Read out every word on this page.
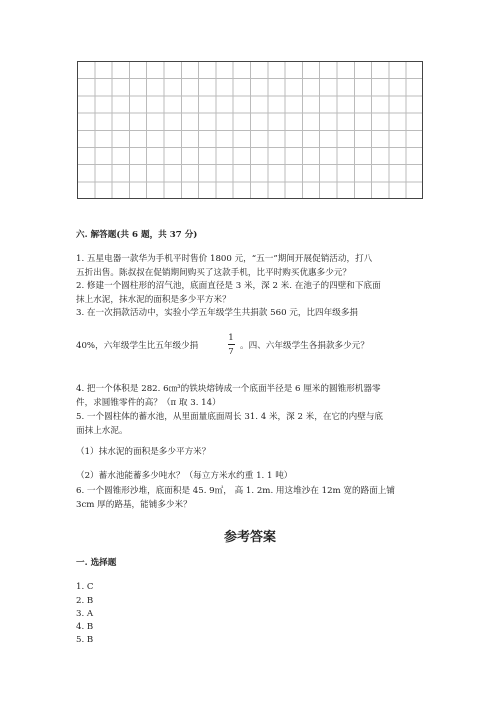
六. 解答题(共 6 题，共 37 分)
1. 五星电器一款华为手机平时售价 1800 元，“五一”期间开展促销活动，打八
五折出售。陈叔叔在促销期间购买了这款手机，比平时购买优惠多少元？
2. 修建一个圆柱形的沼气池，底面直径是 3 米，深 2 米. 在池子的四壁和下底面
抹上水泥，抹水泥的面积是多少平方米？
3. 在一次捐款活动中，实验小学五年级学生共捐款 560 元，比四年级多捐
40%，六年级学生比五年级少捐
1
7
。四、六年级学生各捐款多少元？
4. 把一个体积是 282. 6㎝³的铁块熔铸成一个底面半径是 6 厘米的圆锥形机器零
件，求圆锥零件的高？（π 取 3. 14）
5. 一个圆柱体的蓄水池，从里面量底面周长 31. 4 米，深 2 米，在它的内壁与底
面抹上水泥。
（1）抹水泥的面积是多少平方米？
（2）蓄水池能蓄多少吨水？（每立方米水约重 1. 1 吨）
6. 一个圆锥形沙堆，底面积是 45. 9㎡， 高 1. 2m. 用这堆沙在 12m 宽的路面上铺
3cm 厚的路基，能铺多少米？
参考答案
一. 选择题
1. C
2. B
3. A
4. B
5. B
